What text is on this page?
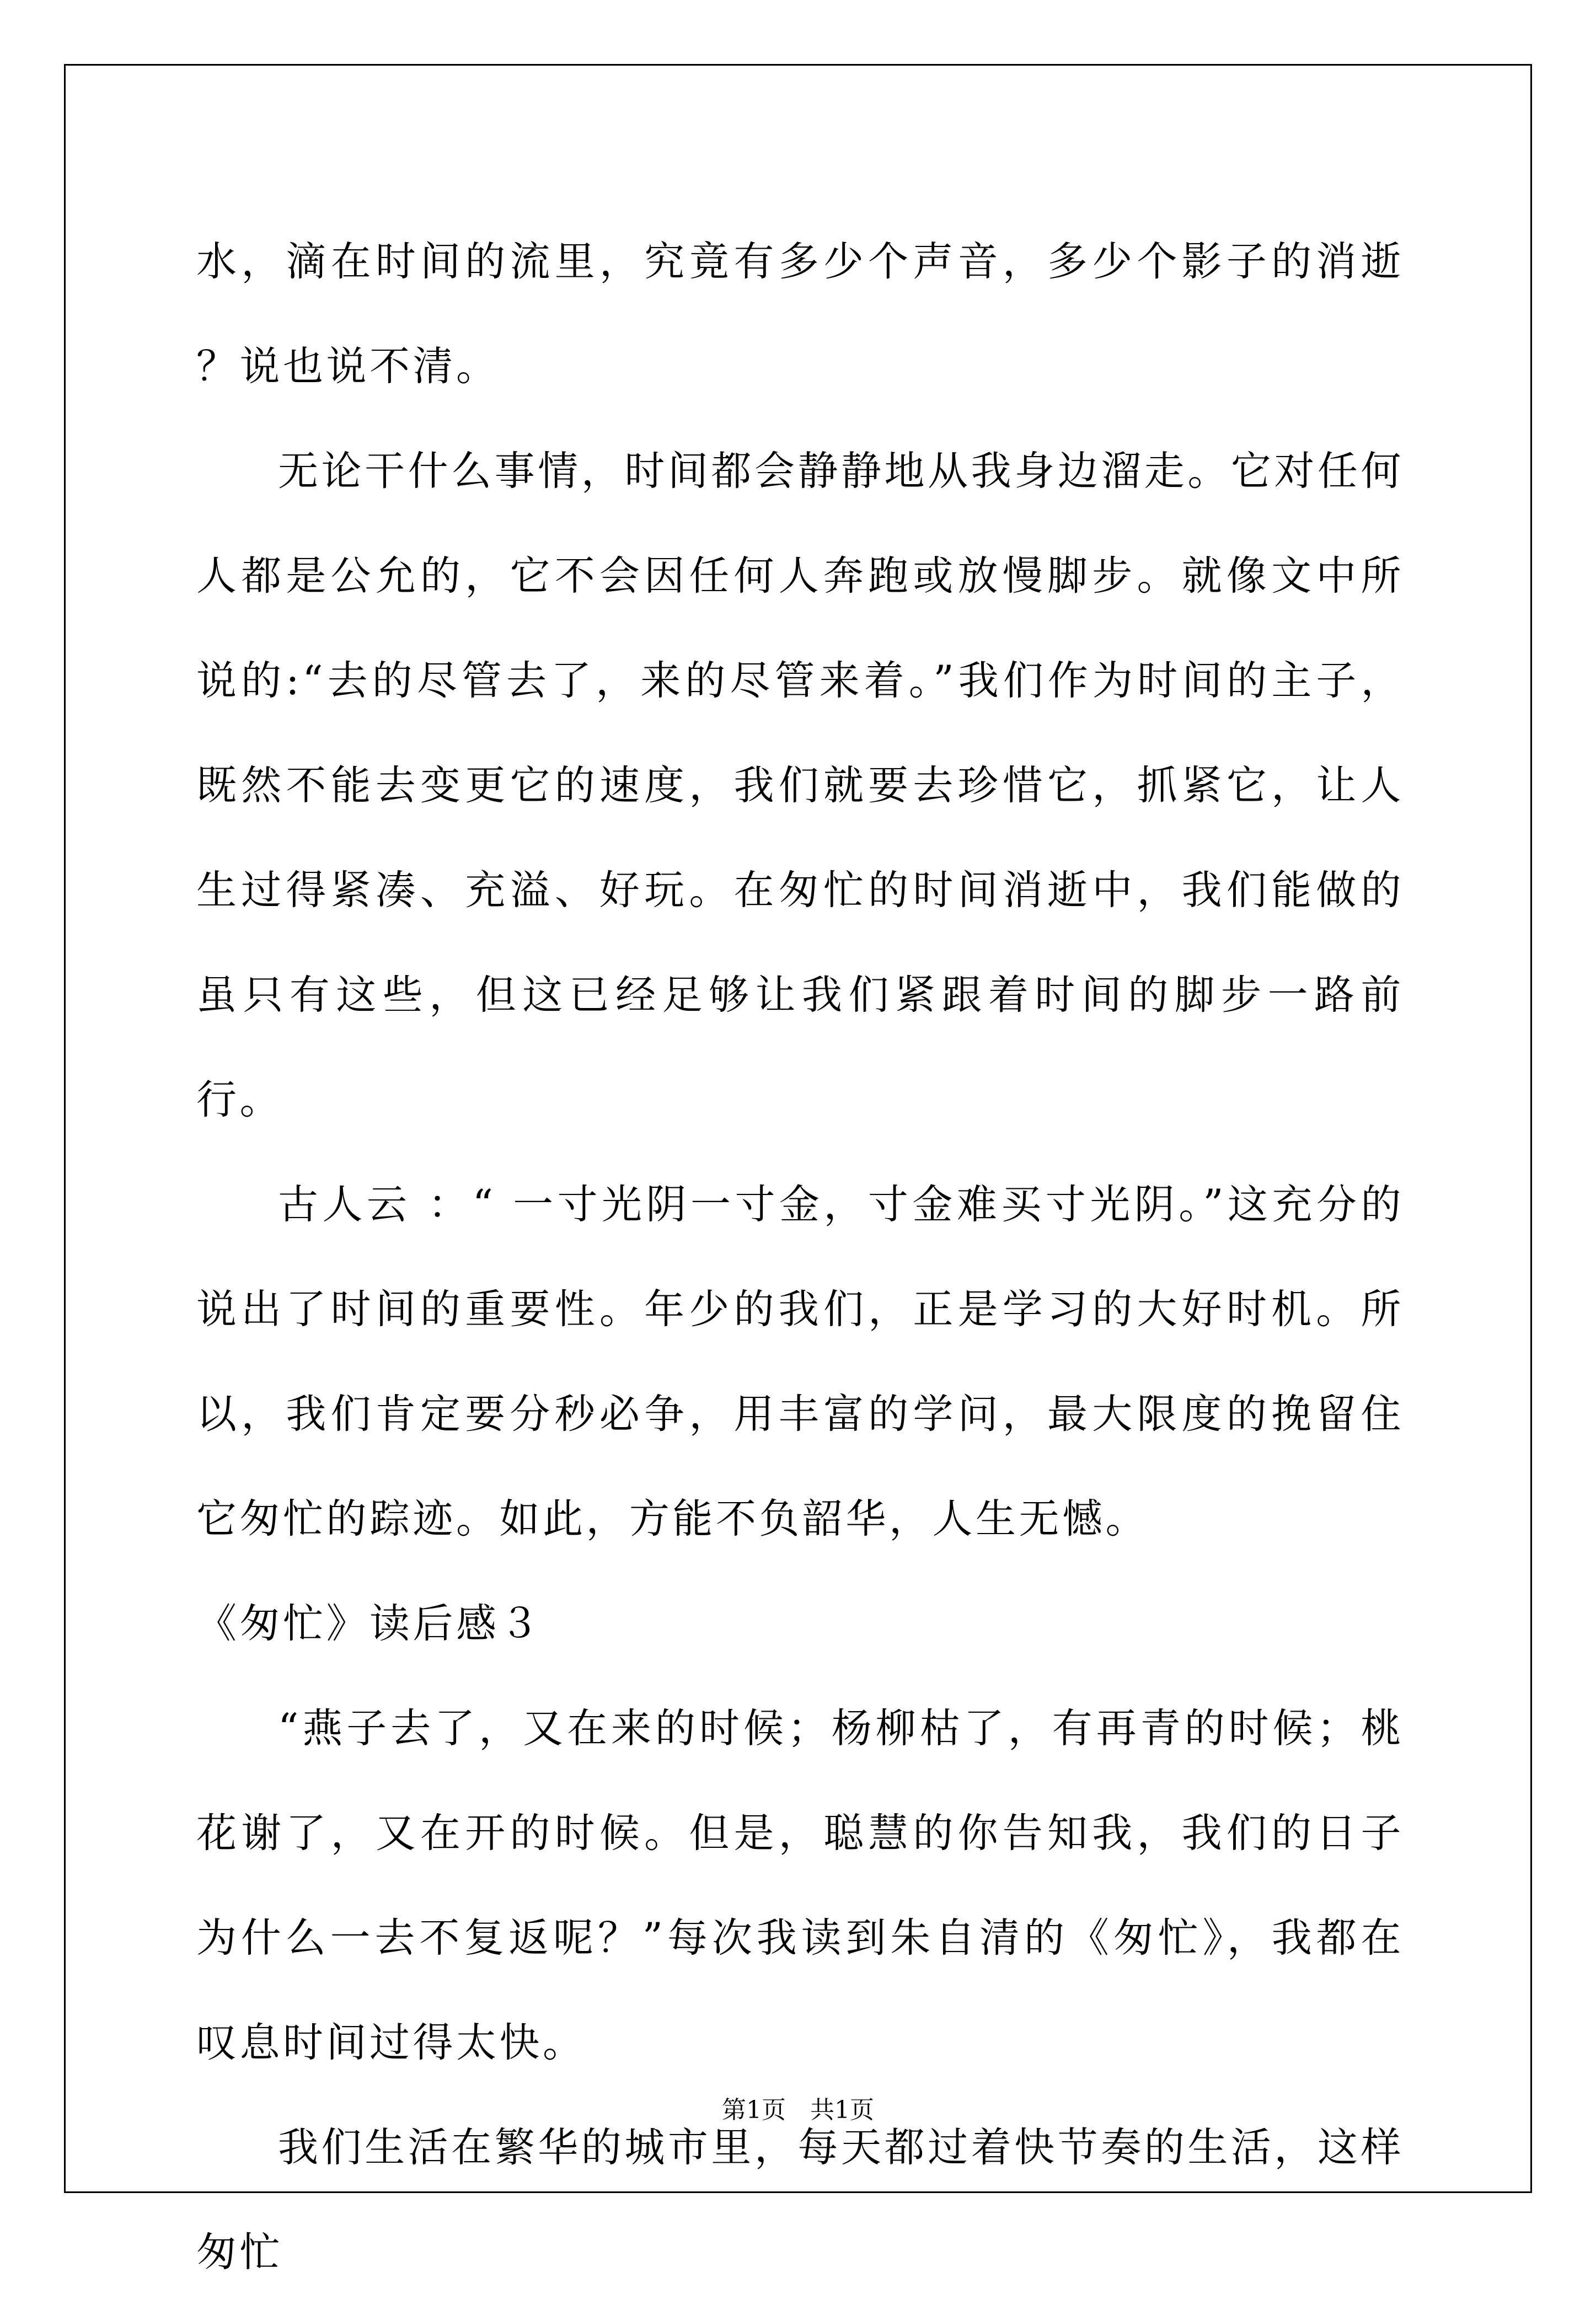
水，滴在时间的流里，究竟有多少个声音，多少个影子的消逝 ？说也说不清。

无论干什么事情，时间都会静静地从我身边溜走。它对任何人都是公允的，它不会因任何人奔跑或放慢脚步。就像文中所说的:“去的尽管去了，来的尽管来着。”我们作为时间的主子，既然不能去变更它的速度，我们就要去珍惜它，抓紧它，让人生过得紧凑、充溢、好玩。在匆忙的时间消逝中，我们能做的虽只有这些，但这已经足够让我们紧跟着时间的脚步一路前行。

古人云 ：“ 一寸光阴一寸金，寸金难买寸光阴。”这充分的说出了时间的重要性。年少的我们，正是学习的大好时机。所以，我们肯定要分秒必争，用丰富的学问，最大限度的挽留住它匆忙的踪迹。如此，方能不负韶华，人生无憾。

《匆忙》读后感３

“燕子去了，又在来的时候；杨柳枯了，有再青的时候；桃花谢了，又在开的时候。但是，聪慧的你告知我，我们的日子为什么一去不复返呢？”每次我读到朱自清的《匆忙》，我都在叹息时间过得太快。

我们生活在繁华的城市里，每天都过着快节奏的生活，这样匆忙

第1页　共1页
